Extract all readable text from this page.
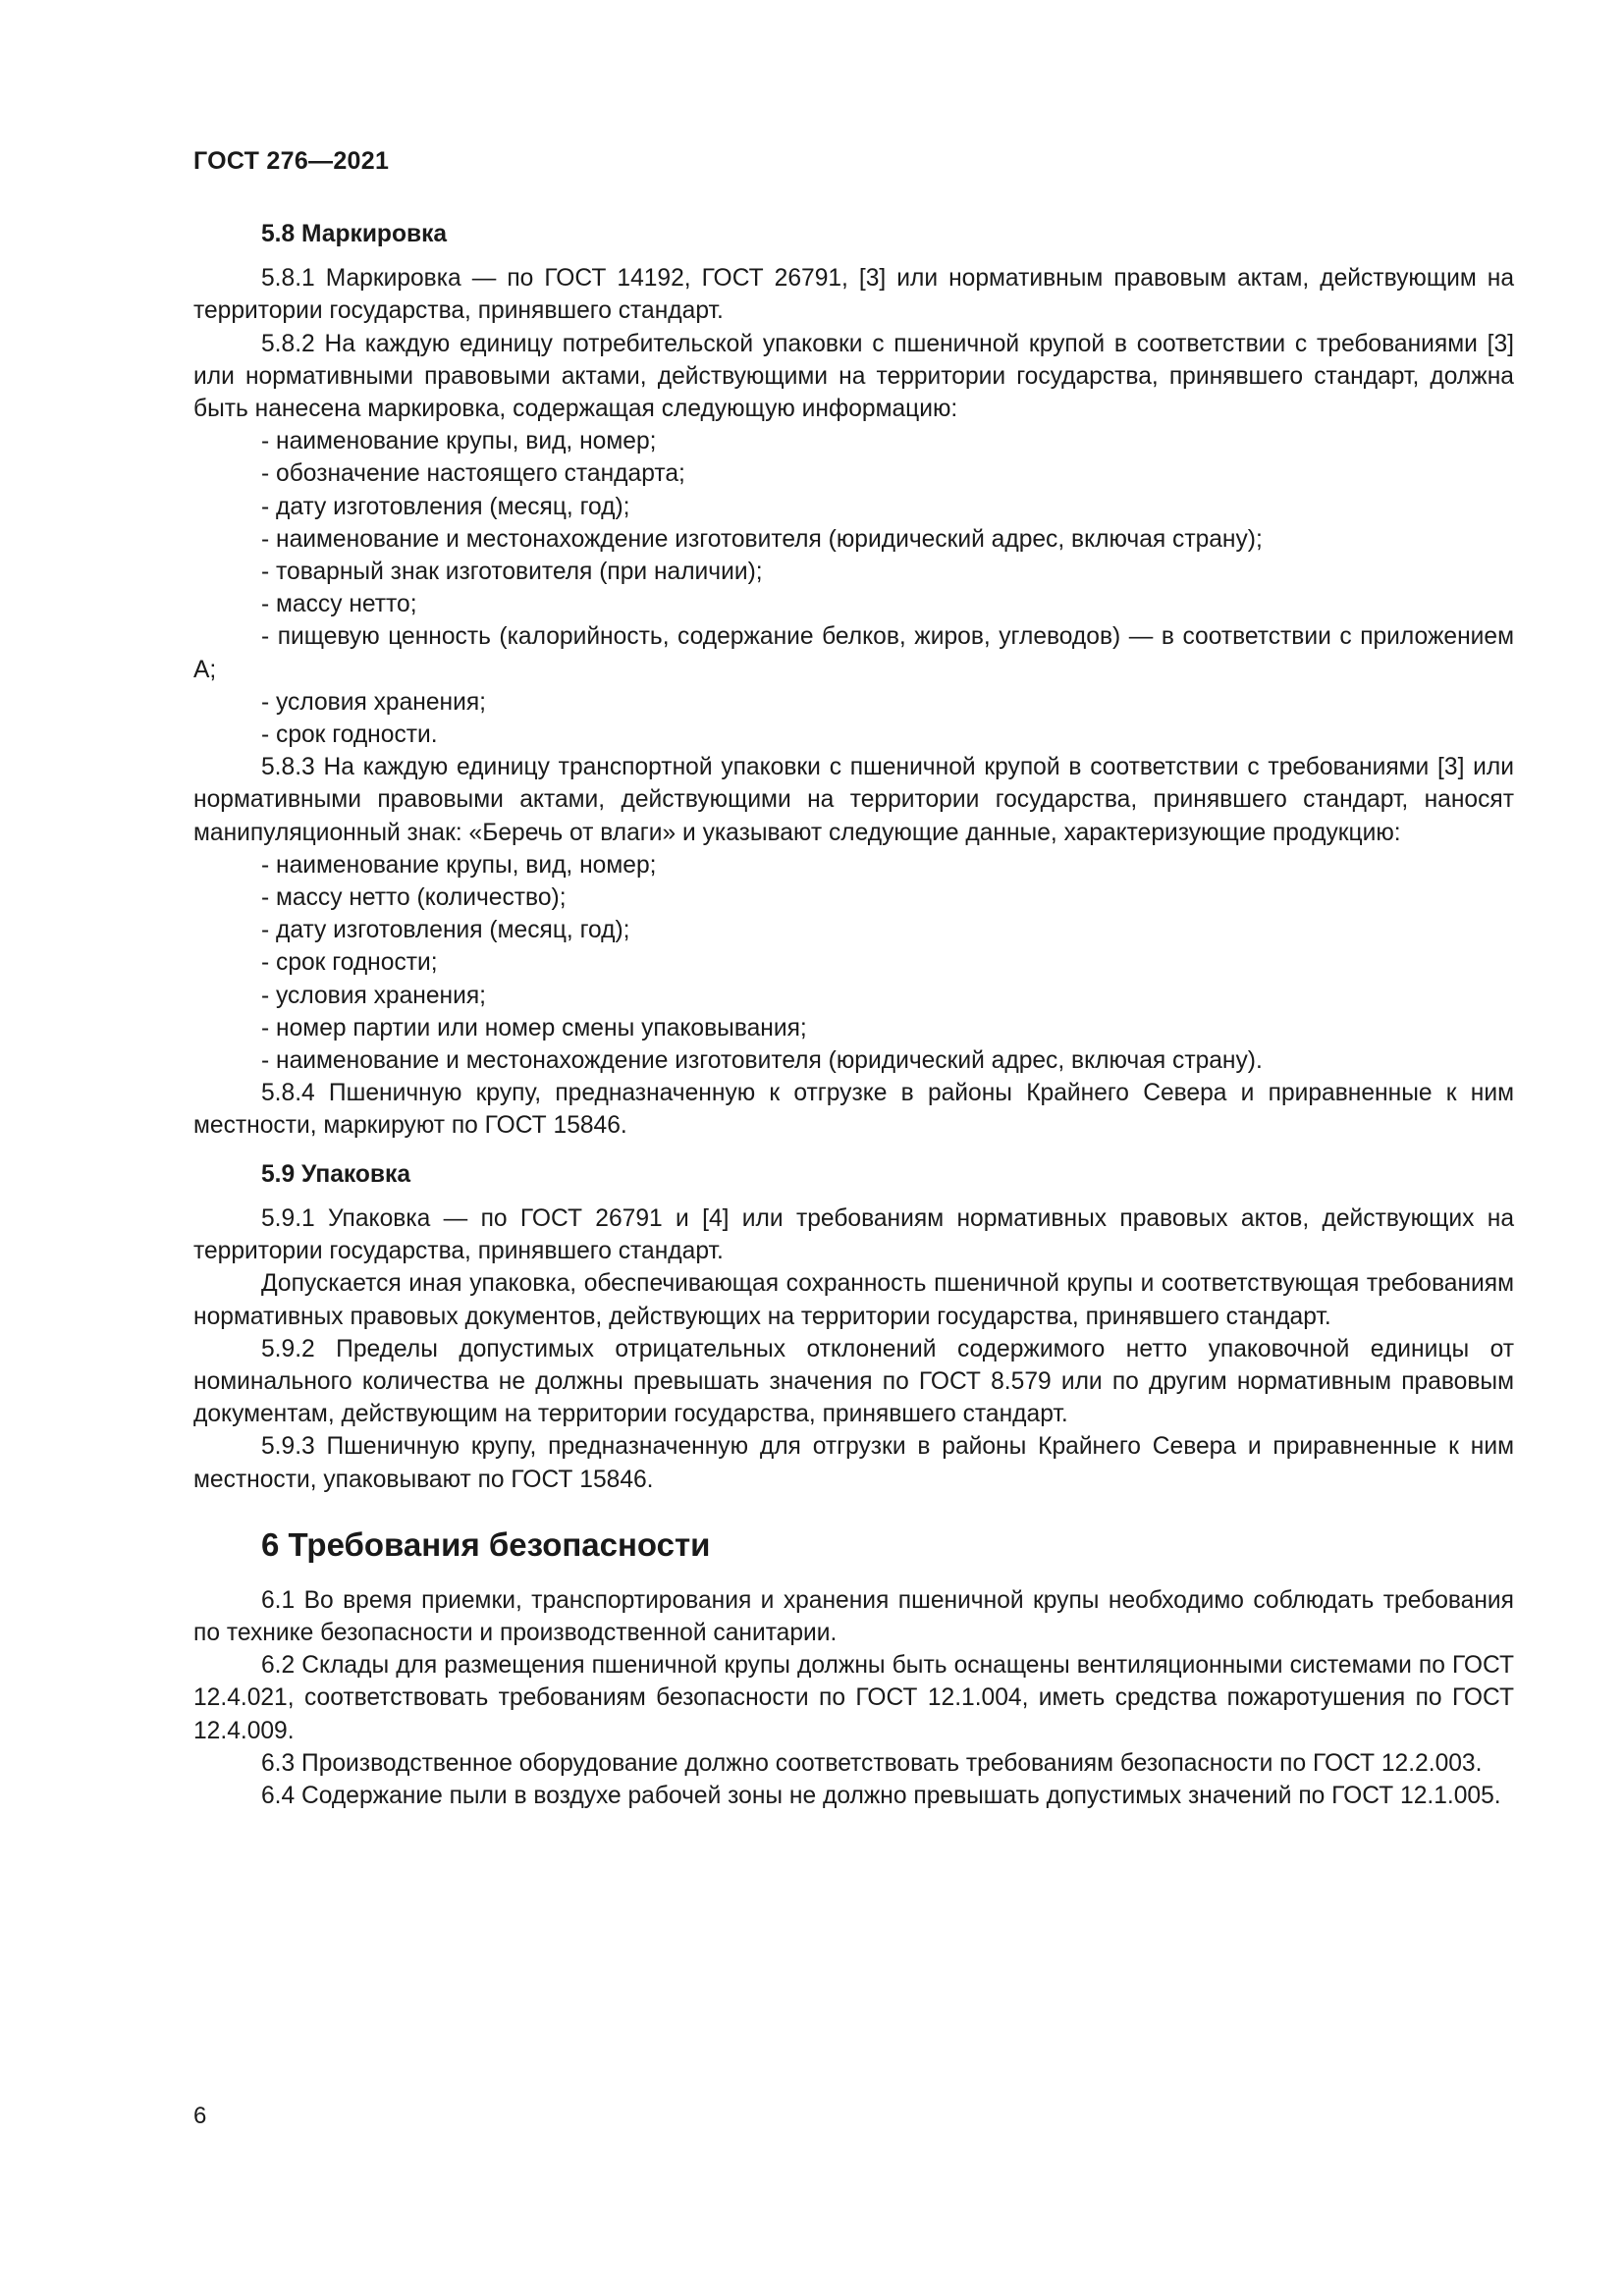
ГОСТ 276—2021
5.8 Маркировка

5.8.1 Маркировка — по ГОСТ 14192, ГОСТ 26791, [3] или нормативным правовым актам, действующим на территории государства, принявшего стандарт.

5.8.2 На каждую единицу потребительской упаковки с пшеничной крупой в соответствии с требованиями [3] или нормативными правовыми актами, действующими на территории государства, принявшего стандарт, должна быть нанесена маркировка, содержащая следующую информацию:

- наименование крупы, вид, номер;
- обозначение настоящего стандарта;
- дату изготовления (месяц, год);
- наименование и местонахождение изготовителя (юридический адрес, включая страну);
- товарный знак изготовителя (при наличии);
- массу нетто;
- пищевую ценность (калорийность, содержание белков, жиров, углеводов) — в соответствии с приложением А;
- условия хранения;
- срок годности.

5.8.3 На каждую единицу транспортной упаковки с пшеничной крупой в соответствии с требованиями [3] или нормативными правовыми актами, действующими на территории государства, принявшего стандарт, наносят манипуляционный знак: «Беречь от влаги» и указывают следующие данные, характеризующие продукцию:

- наименование крупы, вид, номер;
- массу нетто (количество);
- дату изготовления (месяц, год);
- срок годности;
- условия хранения;
- номер партии или номер смены упаковывания;
- наименование и местонахождение изготовителя (юридический адрес, включая страну).

5.8.4 Пшеничную крупу, предназначенную к отгрузке в районы Крайнего Севера и приравненные к ним местности, маркируют по ГОСТ 15846.

5.9 Упаковка

5.9.1 Упаковка — по ГОСТ 26791 и [4] или требованиям нормативных правовых актов, действующих на территории государства, принявшего стандарт.

Допускается иная упаковка, обеспечивающая сохранность пшеничной крупы и соответствующая требованиям нормативных правовых документов, действующих на территории государства, принявшего стандарт.

5.9.2 Пределы допустимых отрицательных отклонений содержимого нетто упаковочной единицы от номинального количества не должны превышать значения по ГОСТ 8.579 или по другим нормативным правовым документам, действующим на территории государства, принявшего стандарт.

5.9.3 Пшеничную крупу, предназначенную для отгрузки в районы Крайнего Севера и приравненные к ним местности, упаковывают по ГОСТ 15846.

6 Требования безопасности

6.1 Во время приемки, транспортирования и хранения пшеничной крупы необходимо соблюдать требования по технике безопасности и производственной санитарии.

6.2 Склады для размещения пшеничной крупы должны быть оснащены вентиляционными системами по ГОСТ 12.4.021, соответствовать требованиям безопасности по ГОСТ 12.1.004, иметь средства пожаротушения по ГОСТ 12.4.009.

6.3 Производственное оборудование должно соответствовать требованиям безопасности по ГОСТ 12.2.003.

6.4 Содержание пыли в воздухе рабочей зоны не должно превышать допустимых значений по ГОСТ 12.1.005.

6
